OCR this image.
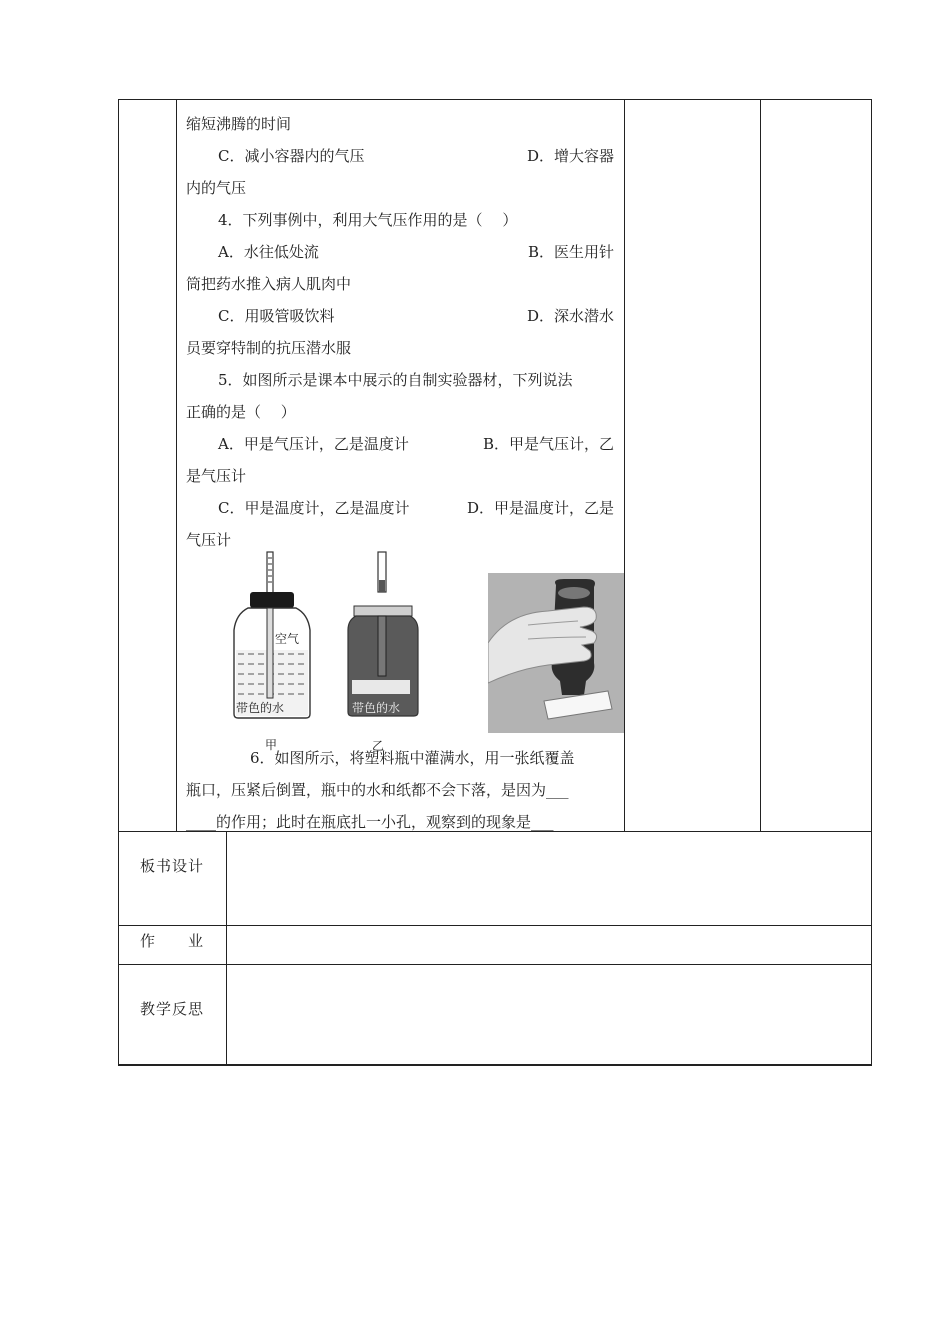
缩短沸腾的时间
C．减小容器内的气压	D．增大容器
内的气压
4．下列事例中，利用大气压作用的是（　 ）
A．水往低处流	B．医生用针
筒把药水推入病人肌肉中
C．用吸管吸饮料	D．深水潜水
员要穿特制的抗压潜水服
5．如图所示是课本中展示的自制实验器材，下列说法
正确的是（　 ）
A．甲是气压计，乙是温度计	B．甲是气压计，乙
是气压计
C．甲是温度计，乙是温度计	D．甲是温度计，乙是
气压计
空气
带色的水
甲
带色的水
乙
6．如图所示，将塑料瓶中灌满水，用一张纸覆盖
瓶口，压紧后倒置，瓶中的水和纸都不会下落，是因为___
____的作用；此时在瓶底扎一小孔，观察到的现象是___
板书设计
作　　业
教学反思
